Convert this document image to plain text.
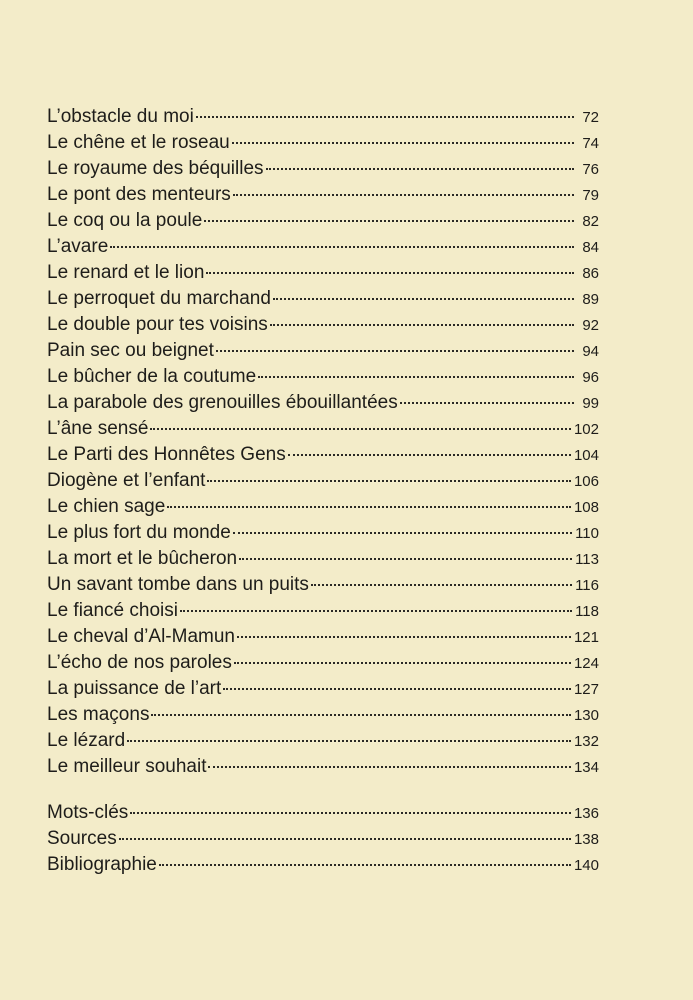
L’obstacle du moi	72
Le chêne et le roseau	74
Le royaume des béquilles	76
Le pont des menteurs	79
Le coq ou la poule	82
L’avare	84
Le renard et le lion	86
Le perroquet du marchand	89
Le double pour tes voisins	92
Pain sec ou beignet	94
Le bûcher de la coutume	96
La parabole des grenouilles ébouillantées	99
L’âne sensé	102
Le Parti des Honnêtes Gens	104
Diogène et l’enfant	106
Le chien sage	108
Le plus fort du monde	110
La mort et le bûcheron	113
Un savant tombe dans un puits	116
Le fiancé choisi	118
Le cheval d’Al-Mamun	121
L’écho de nos paroles	124
La puissance de l’art	127
Les maçons	130
Le lézard	132
Le meilleur souhait	134
Mots-clés	136
Sources	138
Bibliographie	140
